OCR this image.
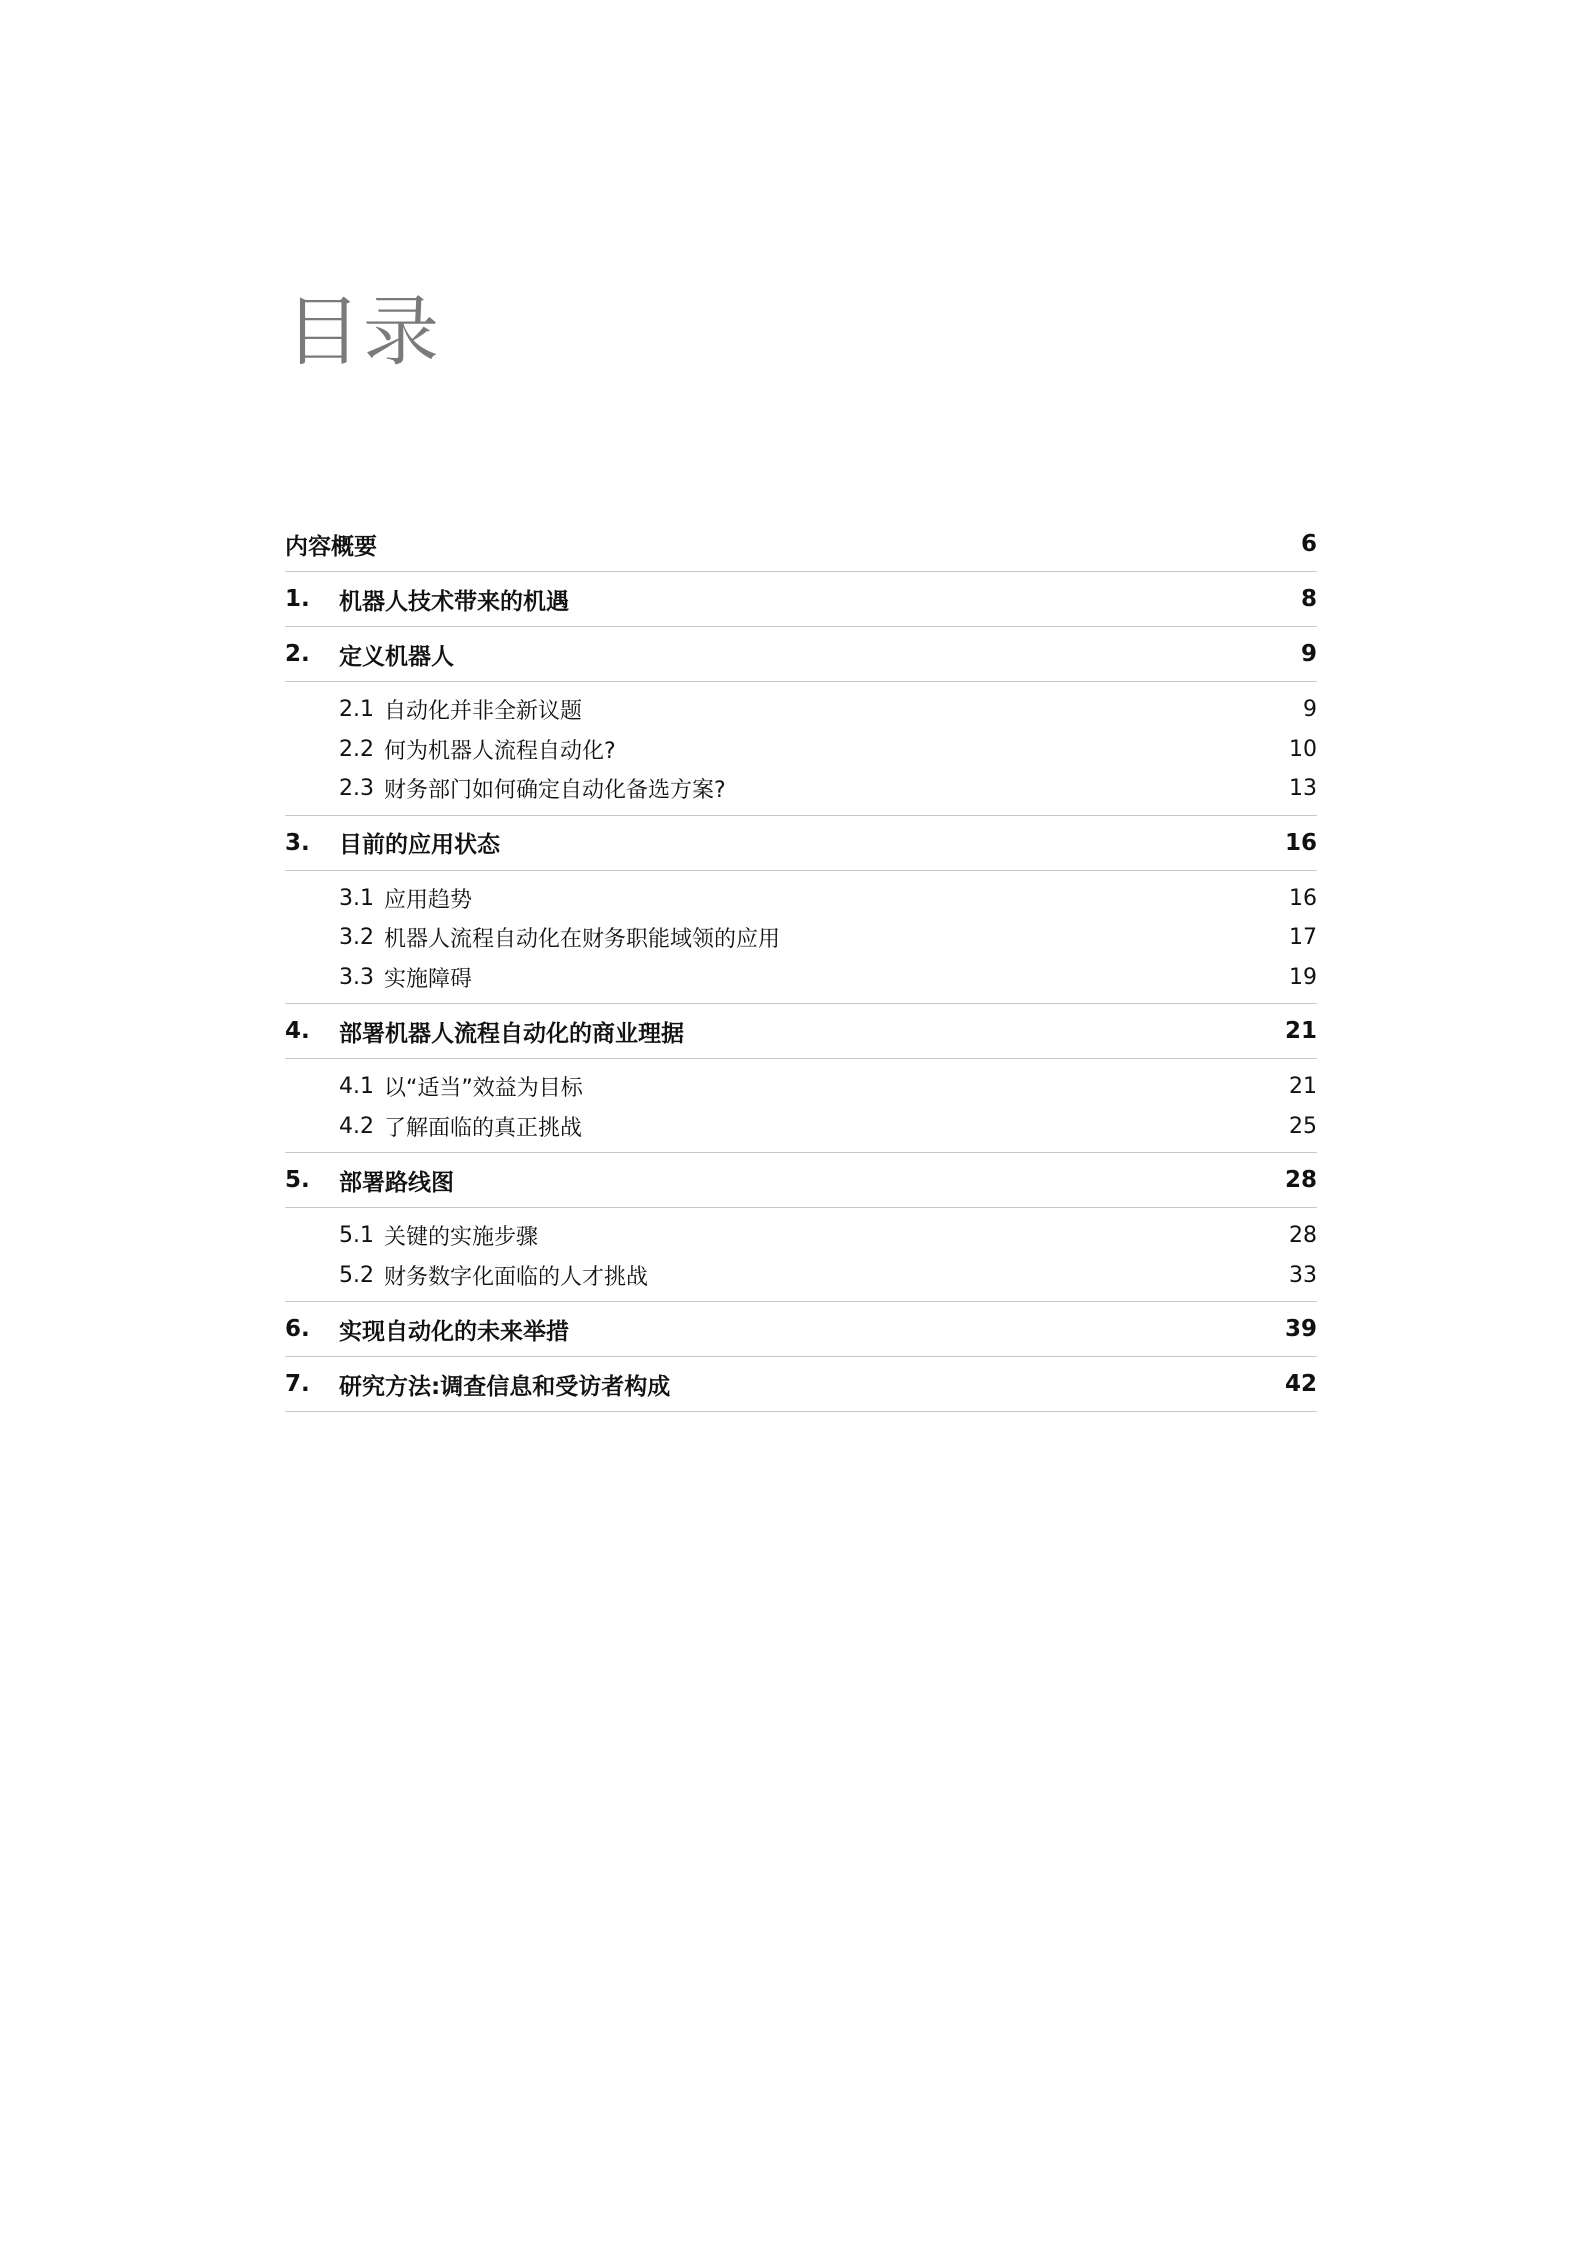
目录
内容概要	6
1.	机器人技术带来的机遇	8
2.	定义机器人	9
2.1 自动化并非全新议题	9
2.2 何为机器人流程自动化?	10
2.3 财务部门如何确定自动化备选方案?	13
3.	目前的应用状态	16
3.1 应用趋势	16
3.2 机器人流程自动化在财务职能域领的应用	17
3.3 实施障碍	19
4.	部署机器人流程自动化的商业理据	21
4.1 以“适当”效益为目标	21
4.2 了解面临的真正挑战	25
5.	部署路线图	28
5.1 关键的实施步骤	28
5.2 财务数字化面临的人才挑战	33
6.	实现自动化的未来举措	39
7.	研究方法:调查信息和受访者构成	42
